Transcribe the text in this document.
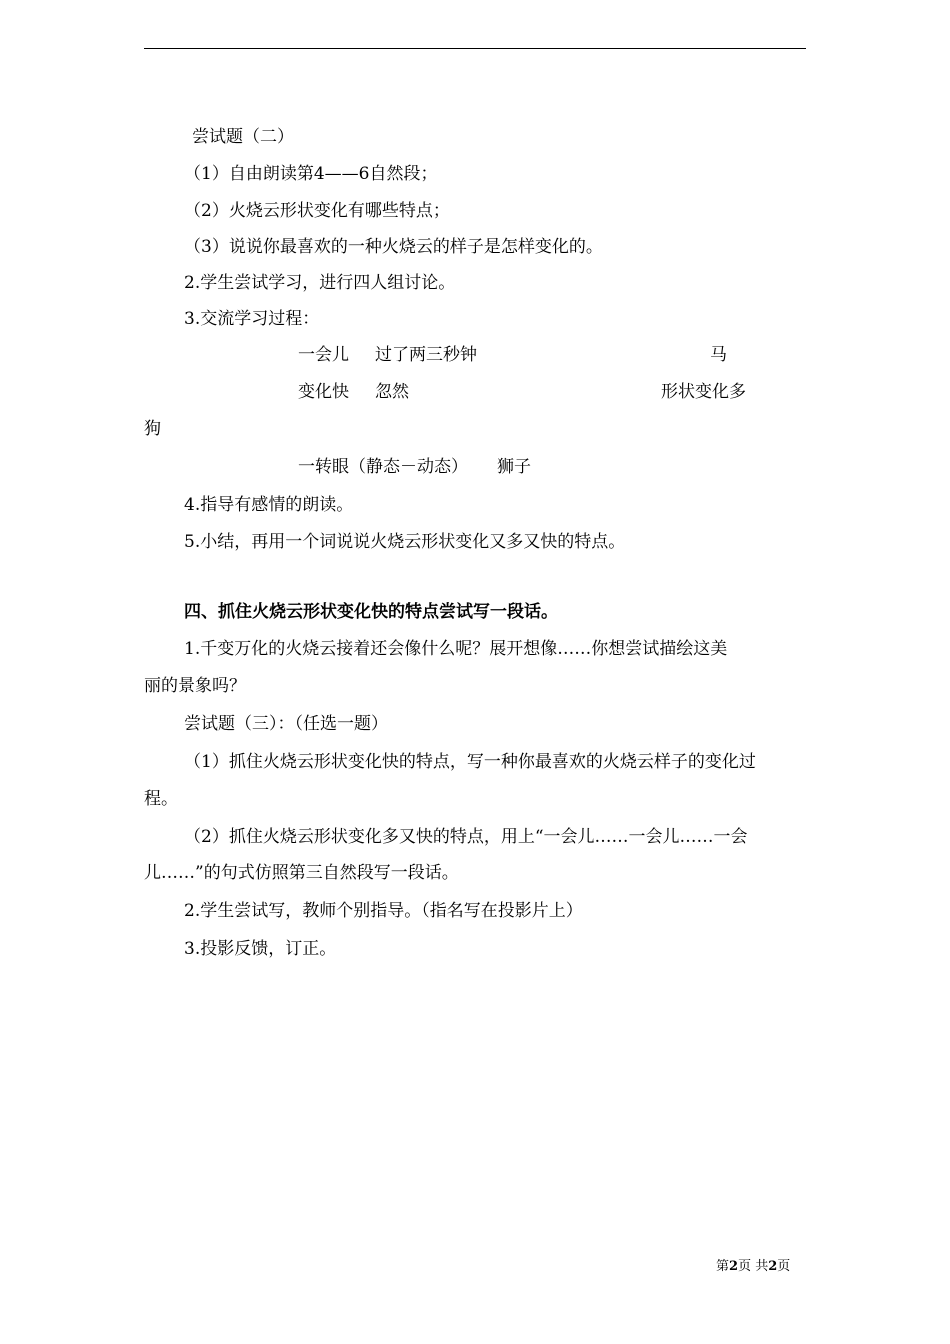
尝试题（二）
（1）自由朗读第4——6自然段；
（2）火烧云形状变化有哪些特点；
（3）说说你最喜欢的一种火烧云的样子是怎样变化的。
2.学生尝试学习，进行四人组讨论。
3.交流学习过程：
一会儿 过了两三秒钟	马
变化快 忽然	形状变化多
狗
一转眼（静态－动态） 狮子
4.指导有感情的朗读。
5.小结，再用一个词说说火烧云形状变化又多又快的特点。
四、抓住火烧云形状变化快的特点尝试写一段话。
1.千变万化的火烧云接着还会像什么呢？展开想像……你想尝试描绘这美
丽的景象吗？
尝试题（三）：（任选一题）
（1）抓住火烧云形状变化快的特点，写一种你最喜欢的火烧云样子的变化过
程。
（2）抓住火烧云形状变化多又快的特点，用上“一会儿……一会儿……一会
儿……”的句式仿照第三自然段写一段话。
2.学生尝试写，教师个别指导。（指名写在投影片上）
3.投影反馈，订正。
第2页 共2页
